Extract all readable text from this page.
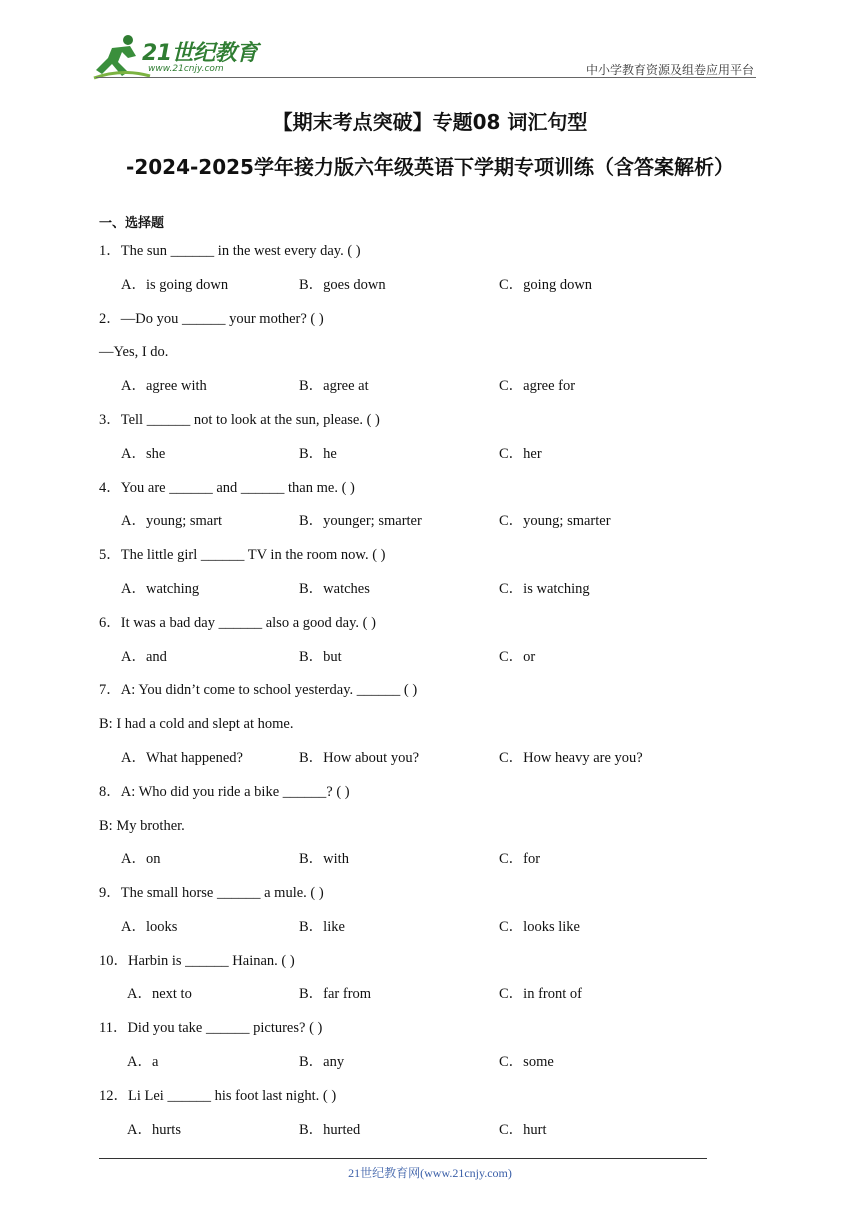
21世纪教育
www.21cnjy.com	中小学教育资源及组卷应用平台
【期末考点突破】专题08 词汇句型
-2024-2025学年接力版六年级英语下学期专项训练（含答案解析）
一、选择题
1．The sun ______ in the west every day. ( )
A．is going down	B．goes down	C．going down
2．—Do you ______ your mother? ( )
—Yes, I do.
A．agree with	B．agree at	C．agree for
3．Tell ______ not to look at the sun, please. ( )
A．she	B．he	C．her
4．You are ______ and ______ than me. ( )
A．young; smart	B．younger; smarter	C．young; smarter
5．The little girl ______ TV in the room now. ( )
A．watching	B．watches	C．is watching
6．It was a bad day ______ also a good day. ( )
A．and	B．but	C．or
7．A: You didn’t come to school yesterday. ______ ( )
B: I had a cold and slept at home.
A．What happened?	B．How about you?	C．How heavy are you?
8．A: Who did you ride a bike ______? ( )
B: My brother.
A．on	B．with	C．for
9．The small horse ______ a mule. ( )
A．looks	B．like	C．looks like
10．Harbin is ______ Hainan. ( )
A．next to	B．far from	C．in front of
11．Did you take ______ pictures? ( )
A．a	B．any	C．some
12．Li Lei ______ his foot last night. ( )
A．hurts	B．hurted	C．hurt
21世纪教育网(www.21cnjy.com)
